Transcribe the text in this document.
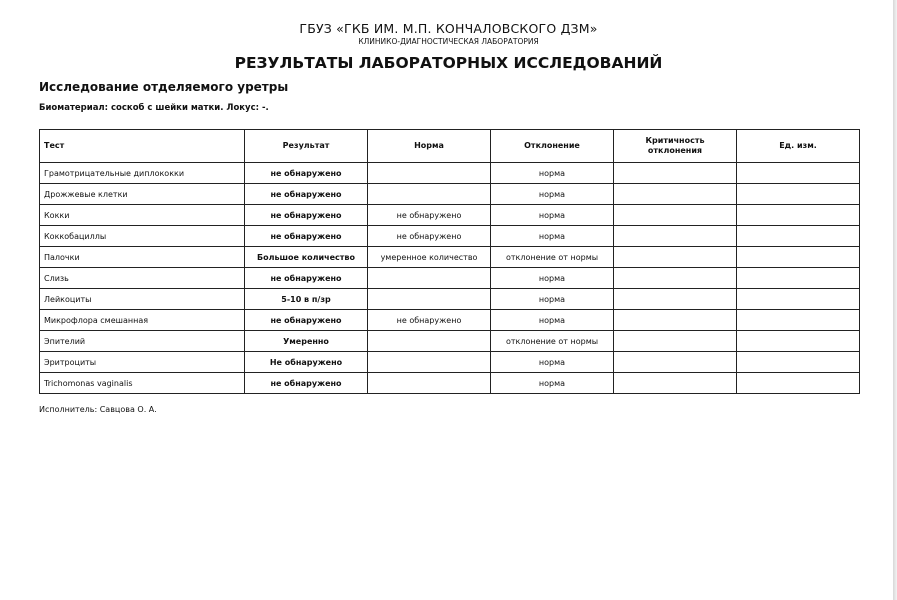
ГБУЗ «ГКБ ИМ. М.П. КОНЧАЛОВСКОГО ДЗМ»
КЛИНИКО-ДИАГНОСТИЧЕСКАЯ ЛАБОРАТОРИЯ
РЕЗУЛЬТАТЫ ЛАБОРАТОРНЫХ ИССЛЕДОВАНИЙ
Исследование отделяемого уретры
Биоматериал: соскоб с шейки матки. Локус: -.
Тест	Результат	Норма	Отклонение	Критичность отклонения	Ед. изм.
Грамотрицательные диплококки	не обнаружено		норма		
Дрожжевые клетки	не обнаружено		норма		
Кокки	не обнаружено	не обнаружено	норма		
Коккобациллы	не обнаружено	не обнаружено	норма		
Палочки	Большое количество	умеренное количество	отклонение от нормы		
Слизь	не обнаружено		норма		
Лейкоциты	5-10 в п/зр		норма		
Микрофлора смешанная	не обнаружено	не обнаружено	норма		
Эпителий	Умеренно		отклонение от нормы		
Эритроциты	Не обнаружено		норма		
Trichomonas vaginalis	не обнаружено		норма		
Исполнитель: Савцова О. А.
